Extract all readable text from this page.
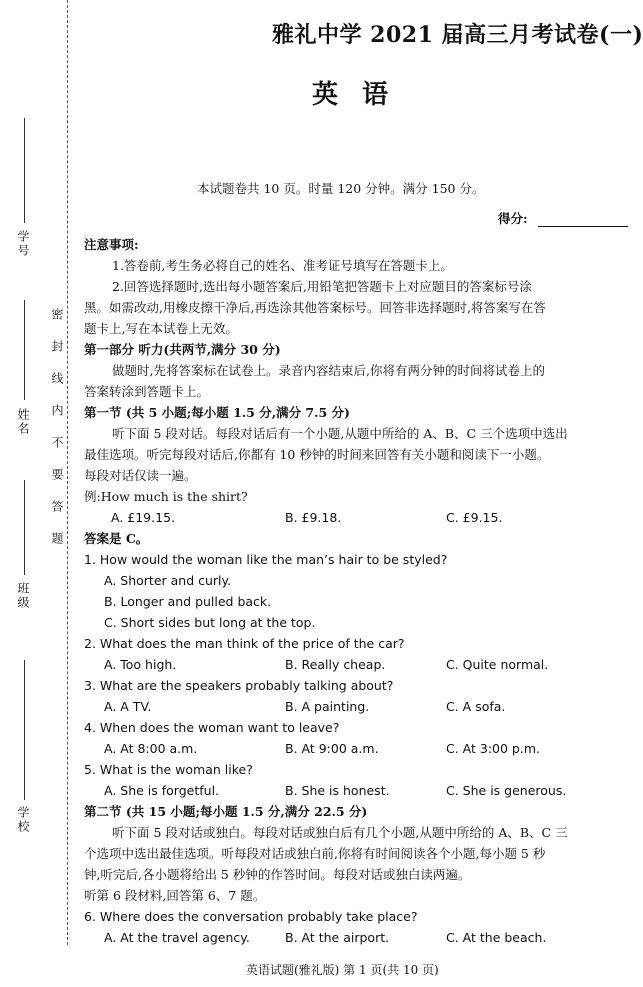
学号
姓名
班级
学校
密封线内不要答题
雅礼中学 2021 届高三月考试卷(一)
英语
本试题卷共 10 页。时量 120 分钟。满分 150 分。
得分:
注意事项:
1.答卷前,考生务必将自己的姓名、准考证号填写在答题卡上。
2.回答选择题时,选出每小题答案后,用铅笔把答题卡上对应题目的答案标号涂
黑。如需改动,用橡皮擦干净后,再选涂其他答案标号。回答非选择题时,将答案写在答
题卡上,写在本试卷上无效。
第一部分 听力(共两节,满分 30 分)
做题时,先将答案标在试卷上。录音内容结束后,你将有两分钟的时间将试卷上的
答案转涂到答题卡上。
第一节 (共 5 小题;每小题 1.5 分,满分 7.5 分)
听下面 5 段对话。每段对话后有一个小题,从题中所给的 A、B、C 三个选项中选出
最佳选项。听完每段对话后,你都有 10 秒钟的时间来回答有关小题和阅读下一小题。
每段对话仅读一遍。
例:How much is the shirt?
A. £19.15.	B. £9.18.	C. £9.15.
答案是 C。
1. How would the woman like the man’s hair to be styled?
A. Shorter and curly.
B. Longer and pulled back.
C. Short sides but long at the top.
2. What does the man think of the price of the car?
A. Too high.	B. Really cheap.	C. Quite normal.
3. What are the speakers probably talking about?
A. A TV.	B. A painting.	C. A sofa.
4. When does the woman want to leave?
A. At 8:00 a.m.	B. At 9:00 a.m.	C. At 3:00 p.m.
5. What is the woman like?
A. She is forgetful.	B. She is honest.	C. She is generous.
第二节 (共 15 小题;每小题 1.5 分,满分 22.5 分)
听下面 5 段对话或独白。每段对话或独白后有几个小题,从题中所给的 A、B、C 三
个选项中选出最佳选项。听每段对话或独白前,你将有时间阅读各个小题,每小题 5 秒
钟,听完后,各小题将给出 5 秒钟的作答时间。每段对话或独白读两遍。
听第 6 段材料,回答第 6、7 题。
6. Where does the conversation probably take place?
A. At the travel agency.	B. At the airport.	C. At the beach.
英语试题(雅礼版) 第 1 页(共 10 页)
